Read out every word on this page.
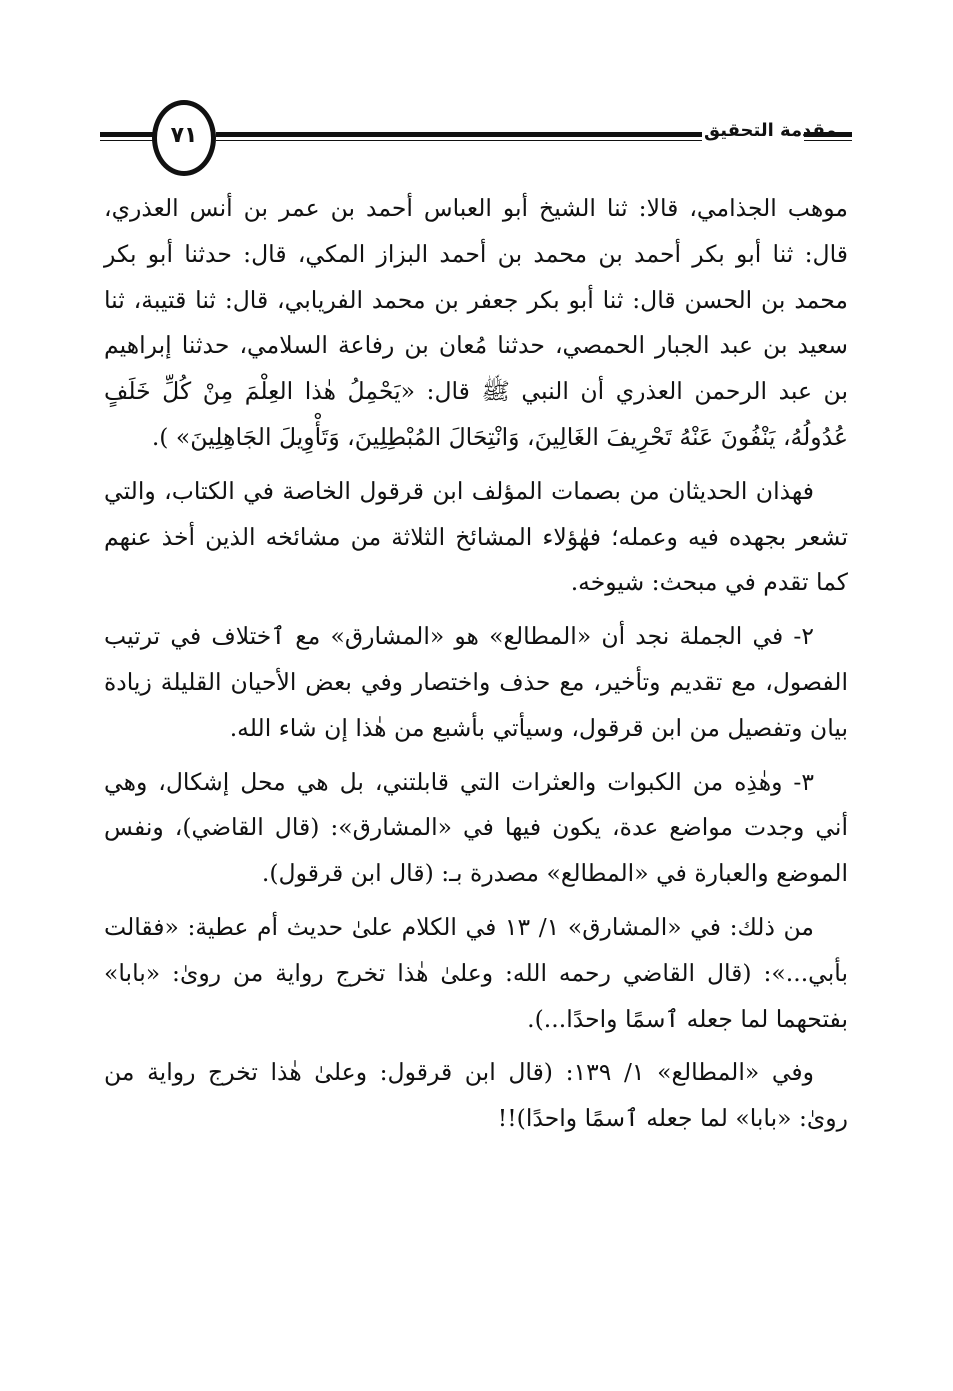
٧١	مقدمة التحقيق

موهب الجذامي، قالا: ثنا الشيخ أبو العباس أحمد بن عمر بن أنس العذري، قال: ثنا أبو بكر أحمد بن محمد بن أحمد البزاز المكي، قال: حدثنا أبو بكر محمد بن الحسن قال: ثنا أبو بكر جعفر بن محمد الفريابي، قال: ثنا قتيبة، ثنا سعيد بن عبد الجبار الحمصي، حدثنا مُعان بن رفاعة السلامي، حدثنا إبراهيم بن عبد الرحمن العذري أن النبي ﷺ قال: «يَحْمِلُ هٰذا العِلْمَ مِنْ كُلِّ خَلَفٍ عُدُولُهُ، يَنْفُونَ عَنْهُ تَحْرِيفَ الغَالِينَ، وَانْتِحَالَ المُبْطِلِينَ، وَتَأْوِيلَ الجَاهِلِينَ» ).

فهذان الحديثان من بصمات المؤلف ابن قرقول الخاصة في الكتاب، والتي تشعر بجهده فيه وعمله؛ فهٰؤلاء المشائخ الثلاثة من مشائخه الذين أخذ عنهم كما تقدم في مبحث: شيوخه.

٢- في الجملة نجد أن «المطالع» هو «المشارق» مع ٱختلاف في ترتيب الفصول، مع تقديم وتأخير، مع حذف واختصار وفي بعض الأحيان القليلة زيادة بيان وتفصيل من ابن قرقول، وسيأتي بأشبع من هٰذا إن شاء الله.

٣- وهٰذِه من الكبوات والعثرات التي قابلتني، بل هي محل إشكال، وهي أني وجدت مواضع عدة، يكون فيها في «المشارق»: (قال القاضي)، ونفس الموضع والعبارة في «المطالع» مصدرة بـ: (قال ابن قرقول).

من ذلك: في «المشارق» ١/ ١٣ في الكلام علىٰ حديث أم عطية: «فقالت بأبي...»: (قال القاضي رحمه الله: وعلىٰ هٰذا تخرج رواية من روىٰ: «بابا» بفتحهما لما جعله ٱسمًا واحدًا...).

وفي «المطالع» ١/ ١٣٩: (قال ابن قرقول: وعلىٰ هٰذا تخرج رواية من روىٰ: «بابا» لما جعله ٱسمًا واحدًا)!!
